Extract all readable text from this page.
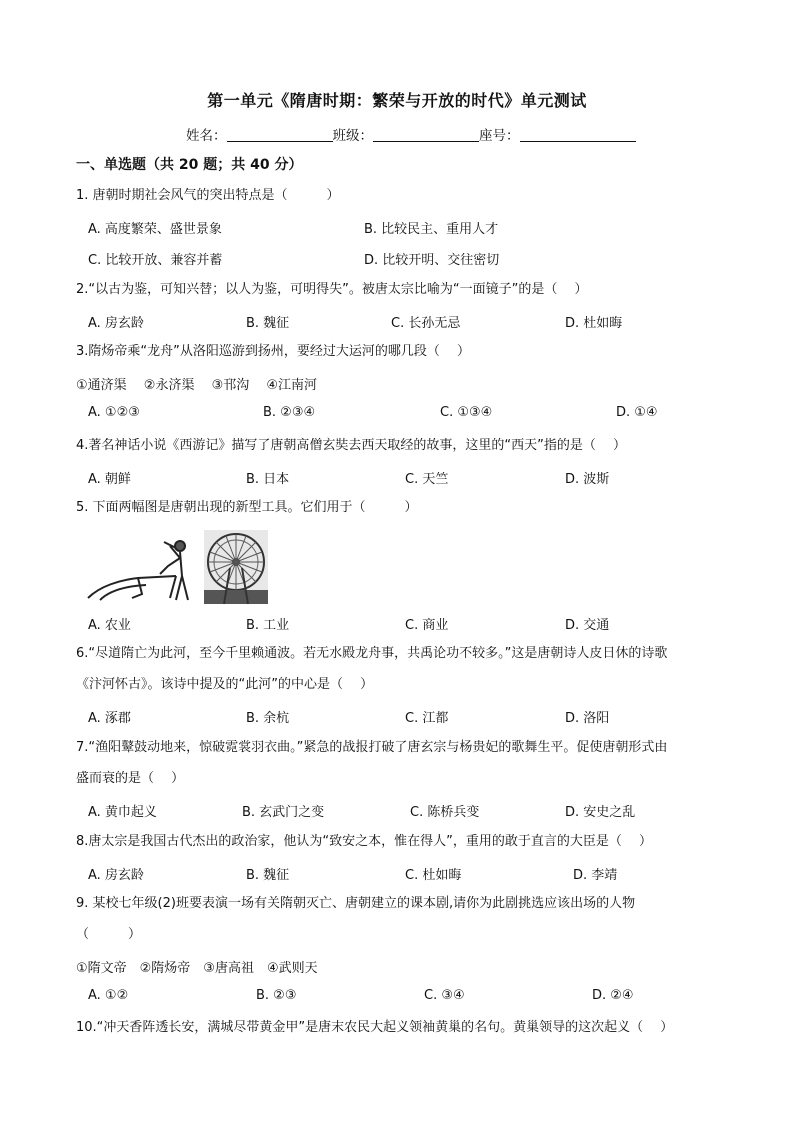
第一单元《隋唐时期：繁荣与开放的时代》单元测试
姓名：	班级：	座号：
一、单选题（共 20 题；共 40 分）
1. 唐朝时期社会风气的突出特点是（　　　）
A. 高度繁荣、盛世景象	B. 比较民主、重用人才
C. 比较开放、兼容并蓄	D. 比较开明、交往密切
2.“以古为鉴，可知兴替；以人为鉴，可明得失”。被唐太宗比喻为“一面镜子”的是（　 ）
A. 房玄龄	B. 魏征	C. 长孙无忌	D. 杜如晦
3.隋炀帝乘“龙舟”从洛阳巡游到扬州，要经过大运河的哪几段（　 ）
①通济渠　 ②永济渠　 ③邗沟　 ④江南河
A. ①②③	B. ②③④	C. ①③④	D. ①④
4.著名神话小说《西游记》描写了唐朝高僧玄奘去西天取经的故事，这里的“西天”指的是（　 ）
A. 朝鲜	B. 日本	C. 天竺	D. 波斯
5. 下面两幅图是唐朝出现的新型工具。它们用于（　　　）
A. 农业	B. 工业	C. 商业	D. 交通
6.“尽道隋亡为此河，至今千里赖通波。若无水殿龙舟事，共禹论功不较多。”这是唐朝诗人皮日休的诗歌
《汴河怀古》。该诗中提及的“此河”的中心是（　 ）
A. 涿郡	B. 余杭	C. 江都	D. 洛阳
7.“渔阳鼙鼓动地来，惊破霓裳羽衣曲。”紧急的战报打破了唐玄宗与杨贵妃的歌舞生平。促使唐朝形式由
盛而衰的是（　 ）
A. 黄巾起义	B. 玄武门之变	C. 陈桥兵变	D. 安史之乱
8.唐太宗是我国古代杰出的政治家，他认为“致安之本，惟在得人”，重用的敢于直言的大臣是（　 ）
A. 房玄龄	B. 魏征	C. 杜如晦	D. 李靖
9. 某校七年级(2)班要表演一场有关隋朝灭亡、唐朝建立的课本剧,请你为此剧挑选应该出场的人物
（　　　）
①隋文帝　②隋炀帝　③唐高祖　④武则天
A. ①②	B. ②③	C. ③④	D. ②④
10.“冲天香阵透长安，满城尽带黄金甲”是唐末农民大起义领袖黄巢的名句。黄巢领导的这次起义（　 ）
